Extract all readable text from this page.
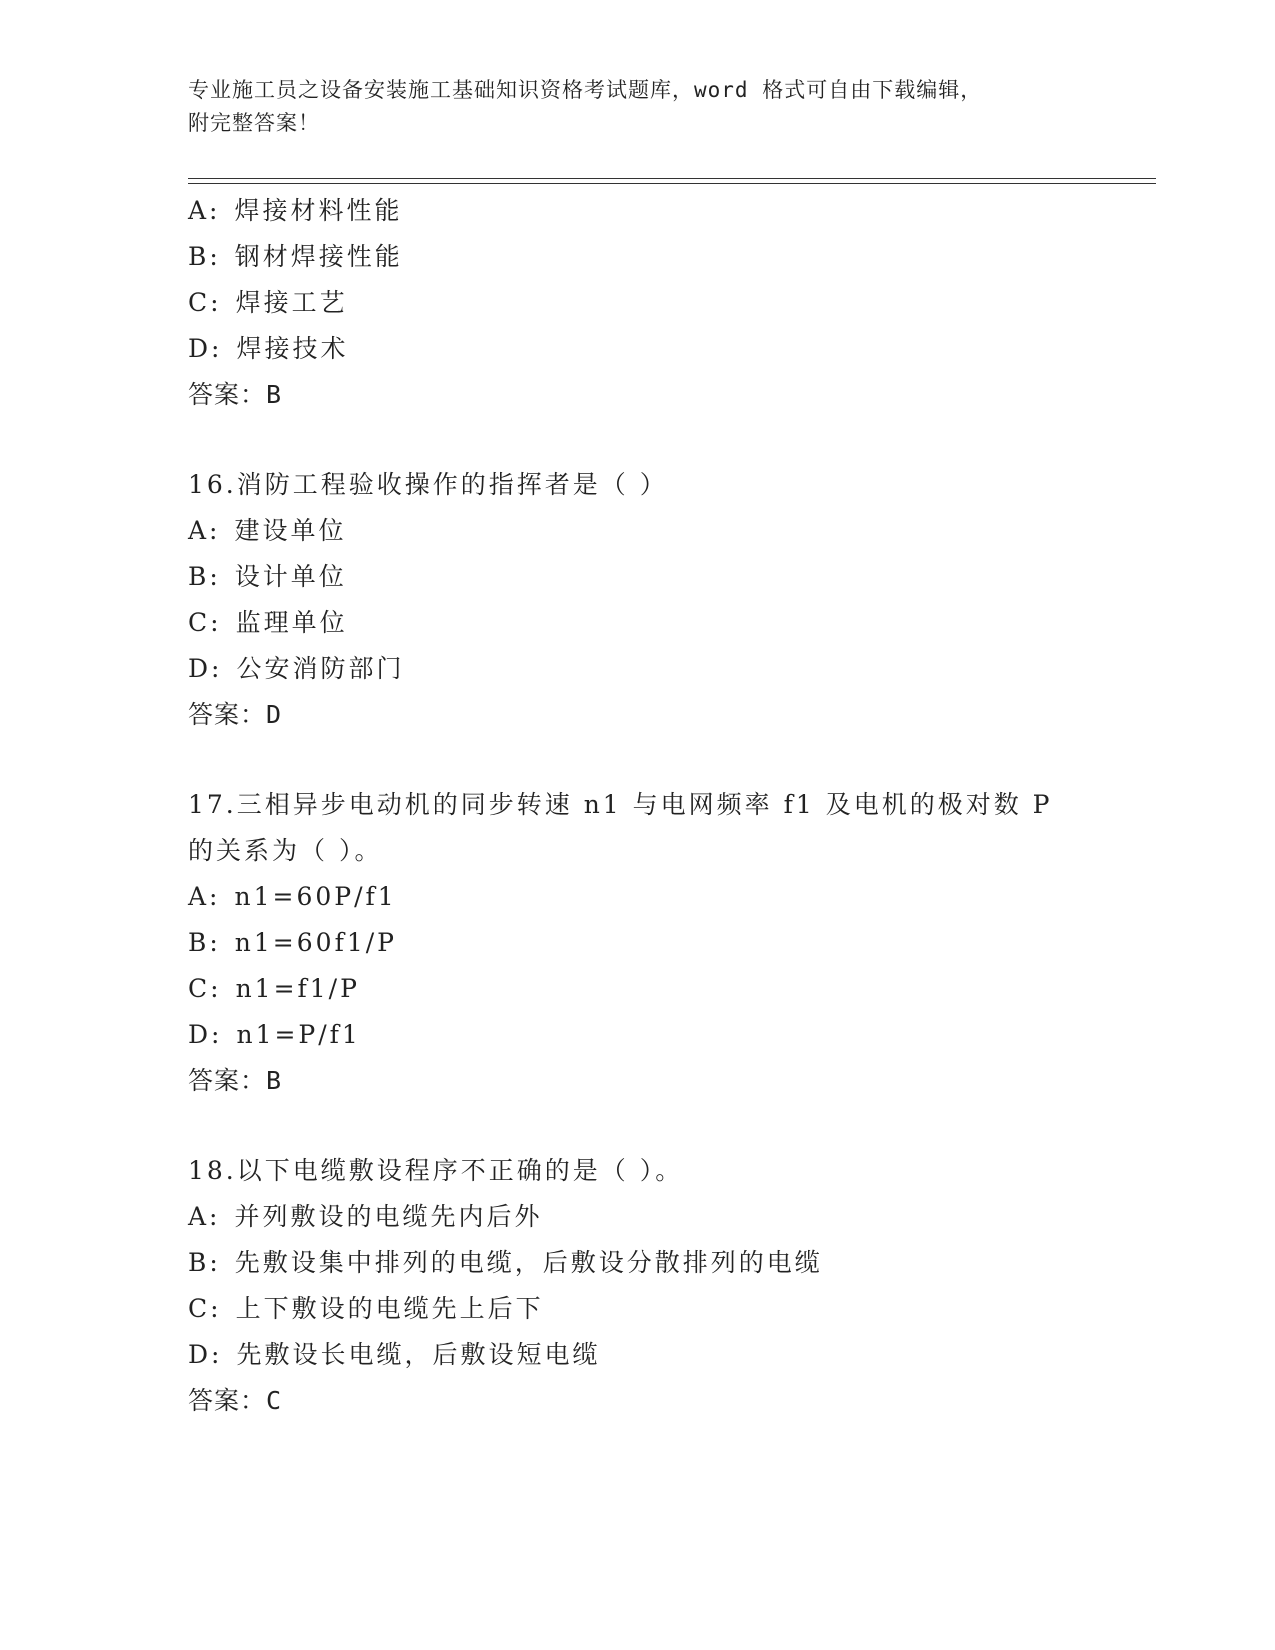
专业施工员之设备安装施工基础知识资格考试题库，word 格式可自由下载编辑，
附完整答案！
A: 焊接材料性能
B: 钢材焊接性能
C: 焊接工艺
D: 焊接技术
答案：B
16.消防工程验收操作的指挥者是（ ）
A: 建设单位
B: 设计单位
C: 监理单位
D: 公安消防部门
答案：D
17.三相异步电动机的同步转速 n1 与电网频率 f1 及电机的极对数 P 的关系为（ ）。
A: n1=60P/f1
B: n1=60f1/P
C: n1=f1/P
D: n1=P/f1
答案：B
18.以下电缆敷设程序不正确的是（ ）。
A: 并列敷设的电缆先内后外
B: 先敷设集中排列的电缆，后敷设分散排列的电缆
C: 上下敷设的电缆先上后下
D: 先敷设长电缆，后敷设短电缆
答案：C
